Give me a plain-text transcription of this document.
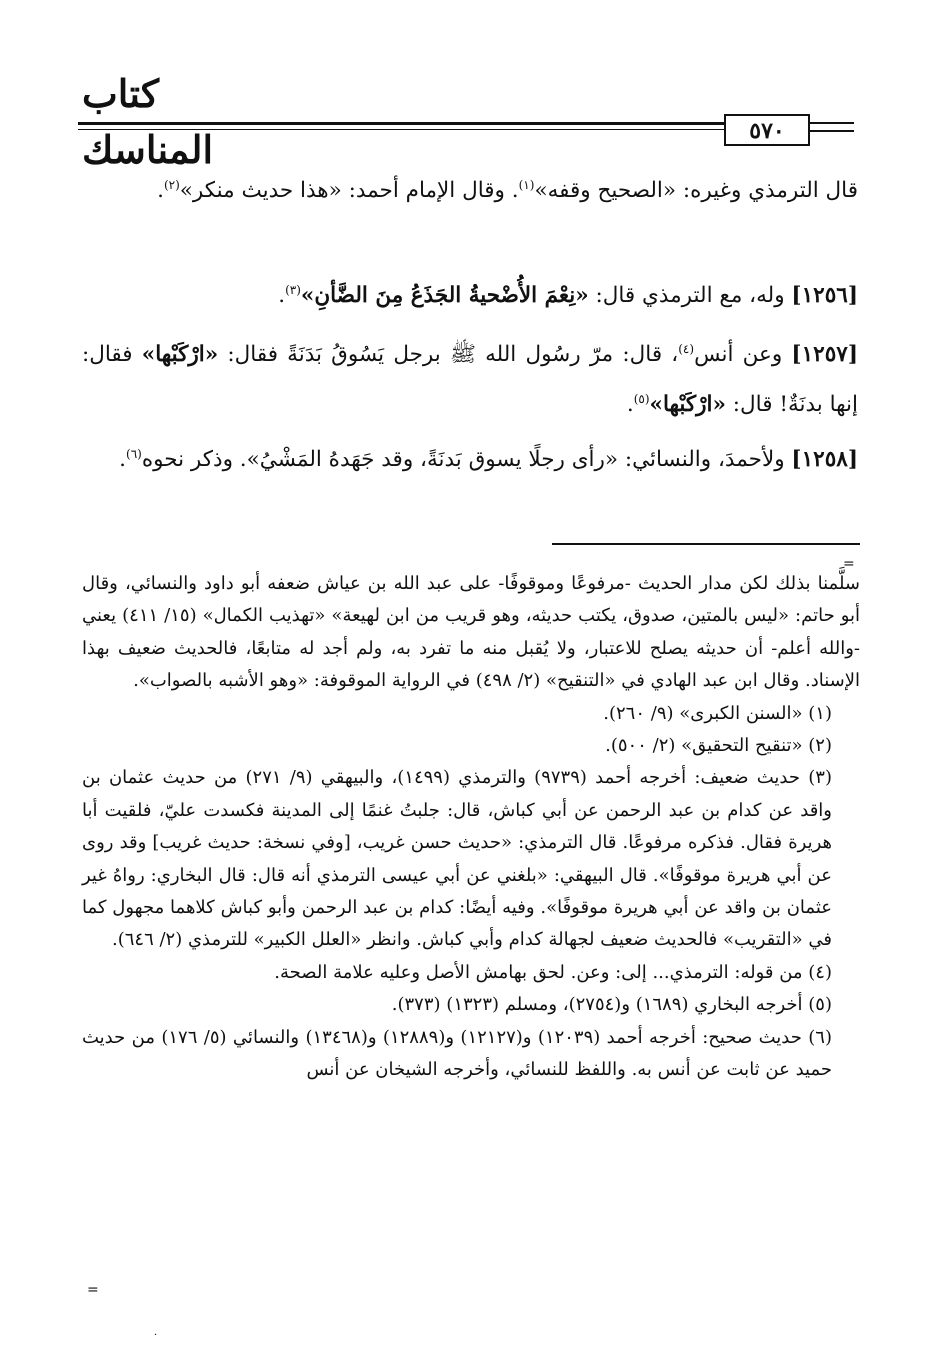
كتاب المناسك	٥٧٠

قال الترمذي وغيره: «الصحيح وقفه»$^{(١)}$. وقال الإمام أحمد: «هذا حديث منكر»$^{(٢)}$.

[١٢٥٦] وله، مع الترمذي قال: «نِعْمَ الأُضْحيةُ الجَذَعُ مِنَ الضَّأنِ»$^{(٣)}$.

[١٢٥٧] وعن أنس$^{(٤)}$، قال: مرّ رسُول الله ﷺ برجل يَسُوقُ بَدَنَةً فقال: «ارْكَبْها» فقال: إنها بدنَةٌ! قال: «ارْكَبْها»$^{(٥)}$.

[١٢٥٨] ولأحمدَ، والنسائي: «رأى رجلًا يسوق بَدنَةً، وقد جَهَدهُ المَشْيُ». وذكر نحوه$^{(٦)}$.

=

سلَّمنا بذلك لكن مدار الحديث -مرفوعًا وموقوفًا- على عبد الله بن عياش ضعفه أبو داود والنسائي، وقال أبو حاتم: «ليس بالمتين، صدوق، يكتب حديثه، وهو قريب من ابن لهيعة» «تهذيب الكمال» (١٥/ ٤١١) يعني -والله أعلم- أن حديثه يصلح للاعتبار، ولا يُقبل منه ما تفرد به، ولم أجد له متابعًا، فالحديث ضعيف بهذا الإسناد. وقال ابن عبد الهادي في «التنقيح» (٢/ ٤٩٨) في الرواية الموقوفة: «وهو الأشبه بالصواب».

(١) «السنن الكبرى» (٩/ ٢٦٠).

(٢) «تنقيح التحقيق» (٢/ ٥٠٠).

(٣) حديث ضعيف: أخرجه أحمد (٩٧٣٩) والترمذي (١٤٩٩)، والبيهقي (٩/ ٢٧١) من حديث عثمان بن واقد عن كدام بن عبد الرحمن عن أبي كباش، قال: جلبتُ غنمًا إلى المدينة فكسدت عليّ، فلقيت أبا هريرة فقال. فذكره مرفوعًا. قال الترمذي: «حديث حسن غريب، [وفي نسخة: حديث غريب] وقد روى عن أبي هريرة موقوفًا». قال البيهقي: «بلغني عن أبي عيسى الترمذي أنه قال: قال البخاري: رواهُ غير عثمان بن واقد عن أبي هريرة موقوفًا». وفيه أيضًا: كدام بن عبد الرحمن وأبو كباش كلاهما مجهول كما في «التقريب» فالحديث ضعيف لجهالة كدام وأبي كباش. وانظر «العلل الكبير» للترمذي (٢/ ٦٤٦).

(٤) من قوله: الترمذي... إلى: وعن. لحق بهامش الأصل وعليه علامة الصحة.

(٥) أخرجه البخاري (١٦٨٩) و(٢٧٥٤)، ومسلم (١٣٢٣) (٣٧٣).

(٦) حديث صحيح: أخرجه أحمد (١٢٠٣٩) و(١٢١٢٧) و(١٢٨٨٩) و(١٣٤٦٨) والنسائي (٥/ ١٧٦) من حديث حميد عن ثابت عن أنس به. واللفظ للنسائي، وأخرجه الشيخان عن أنس

=
·
